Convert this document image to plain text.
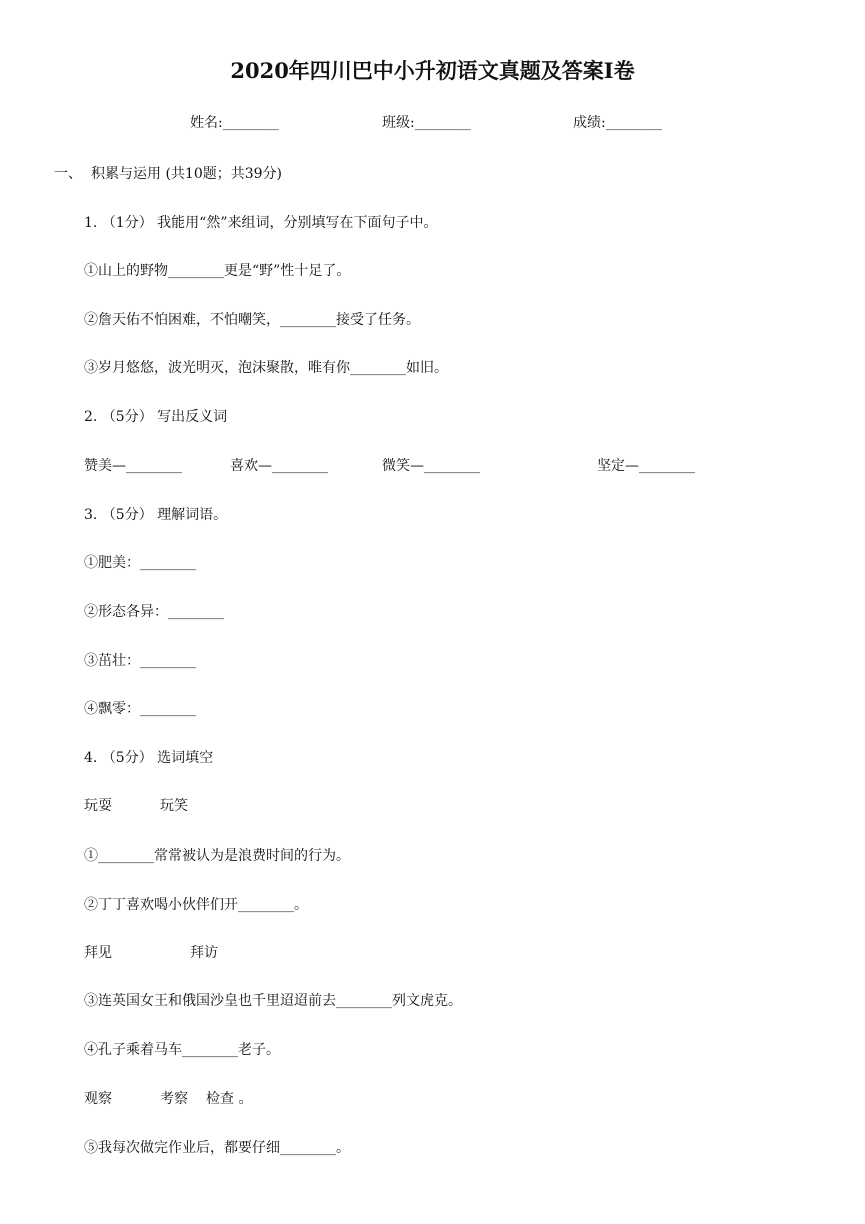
2020年四川巴中小升初语文真题及答案Ⅰ卷
姓名:________	班级:________	成绩:________
一、 积累与运用 (共10题；共39分)
1. （1分） 我能用“然”来组词，分别填写在下面句子中。
①山上的野物________更是“野”性十足了。
②詹天佑不怕困难，不怕嘲笑，________接受了任务。
③岁月悠悠，波光明灭，泡沫聚散，唯有你________如旧。
2. （5分） 写出反义词
赞美—________	喜欢—________	微笑—________	坚定—________
3. （5分） 理解词语。
①肥美：________
②形态各异：________
③茁壮：________
④飘零：________
4. （5分） 选词填空
玩耍	玩笑
①________常常被认为是浪费时间的行为。
②丁丁喜欢喝小伙伴们开________。
拜见	拜访
③连英国女王和俄国沙皇也千里迢迢前去________列文虎克。
④孔子乘着马车________老子。
观察	考察 检查 。
⑤我每次做完作业后，都要仔细________。
